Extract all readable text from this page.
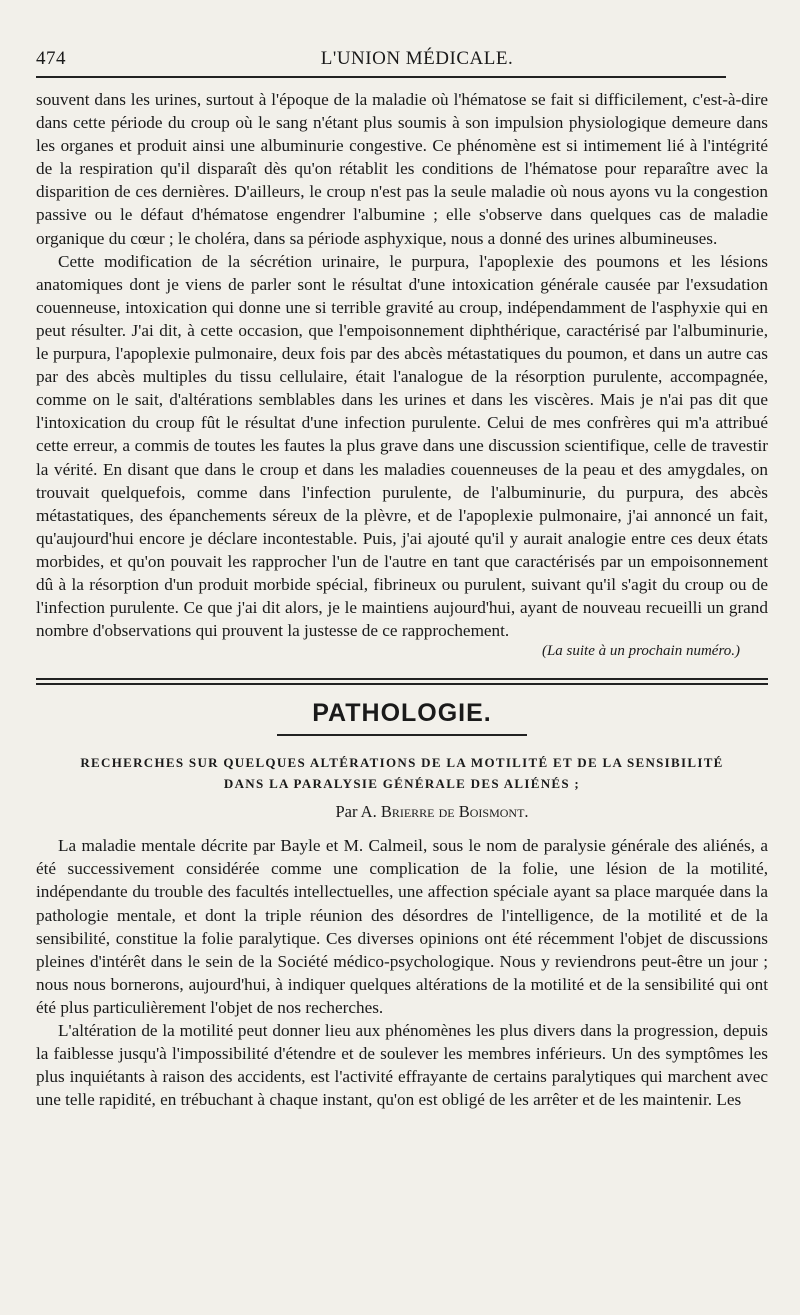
474	L'UNION MÉDICALE.

souvent dans les urines, surtout à l'époque de la maladie où l'hématose se fait si difficilement, c'est-à-dire dans cette période du croup où le sang n'étant plus soumis à son impulsion physiologique demeure dans les organes et produit ainsi une albuminurie congestive. Ce phénomène est si intimement lié à l'intégrité de la respiration qu'il disparaît dès qu'on rétablit les conditions de l'hématose pour reparaître avec la disparition de ces dernières. D'ailleurs, le croup n'est pas la seule maladie où nous ayons vu la congestion passive ou le défaut d'hématose engendrer l'albumine ; elle s'observe dans quelques cas de maladie organique du cœur ; le choléra, dans sa période asphyxique, nous a donné des urines albumineuses.

Cette modification de la sécrétion urinaire, le purpura, l'apoplexie des poumons et les lésions anatomiques dont je viens de parler sont le résultat d'une intoxication générale causée par l'exsudation couenneuse, intoxication qui donne une si terrible gravité au croup, indépendamment de l'asphyxie qui en peut résulter. J'ai dit, à cette occasion, que l'empoisonnement diphthérique, caractérisé par l'albuminurie, le purpura, l'apoplexie pulmonaire, deux fois par des abcès métastatiques du poumon, et dans un autre cas par des abcès multiples du tissu cellulaire, était l'analogue de la résorption purulente, accompagnée, comme on le sait, d'altérations semblables dans les urines et dans les viscères. Mais je n'ai pas dit que l'intoxication du croup fût le résultat d'une infection purulente. Celui de mes confrères qui m'a attribué cette erreur, a commis de toutes les fautes la plus grave dans une discussion scientifique, celle de travestir la vérité. En disant que dans le croup et dans les maladies couenneuses de la peau et des amygdales, on trouvait quelquefois, comme dans l'infection purulente, de l'albuminurie, du purpura, des abcès métastatiques, des épanchements séreux de la plèvre, et de l'apoplexie pulmonaire, j'ai annoncé un fait, qu'aujourd'hui encore je déclare incontestable. Puis, j'ai ajouté qu'il y aurait analogie entre ces deux états morbides, et qu'on pouvait les rapprocher l'un de l'autre en tant que caractérisés par un empoisonnement dû à la résorption d'un produit morbide spécial, fibrineux ou purulent, suivant qu'il s'agit du croup ou de l'infection purulente. Ce que j'ai dit alors, je le maintiens aujourd'hui, ayant de nouveau recueilli un grand nombre d'observations qui prouvent la justesse de ce rapprochement.

(La suite à un prochain numéro.)
PATHOLOGIE.
RECHERCHES SUR QUELQUES ALTÉRATIONS DE LA MOTILITÉ ET DE LA SENSIBILITÉ
DANS LA PARALYSIE GÉNÉRALE DES ALIÉNÉS ;
Par A. Brierre de Boismont.

La maladie mentale décrite par Bayle et M. Calmeil, sous le nom de paralysie générale des aliénés, a été successivement considérée comme une complication de la folie, une lésion de la motilité, indépendante du trouble des facultés intellectuelles, une affection spéciale ayant sa place marquée dans la pathologie mentale, et dont la triple réunion des désordres de l'intelligence, de la motilité et de la sensibilité, constitue la folie paralytique. Ces diverses opinions ont été récemment l'objet de discussions pleines d'intérêt dans le sein de la Société médico-psychologique. Nous y reviendrons peut-être un jour ; nous nous bornerons, aujourd'hui, à indiquer quelques altérations de la motilité et de la sensibilité qui ont été plus particulièrement l'objet de nos recherches.

L'altération de la motilité peut donner lieu aux phénomènes les plus divers dans la progression, depuis la faiblesse jusqu'à l'impossibilité d'étendre et de soulever les membres inférieurs. Un des symptômes les plus inquiétants à raison des accidents, est l'activité effrayante de certains paralytiques qui marchent avec une telle rapidité, en trébuchant à chaque instant, qu'on est obligé de les arrêter et de les maintenir. Les
